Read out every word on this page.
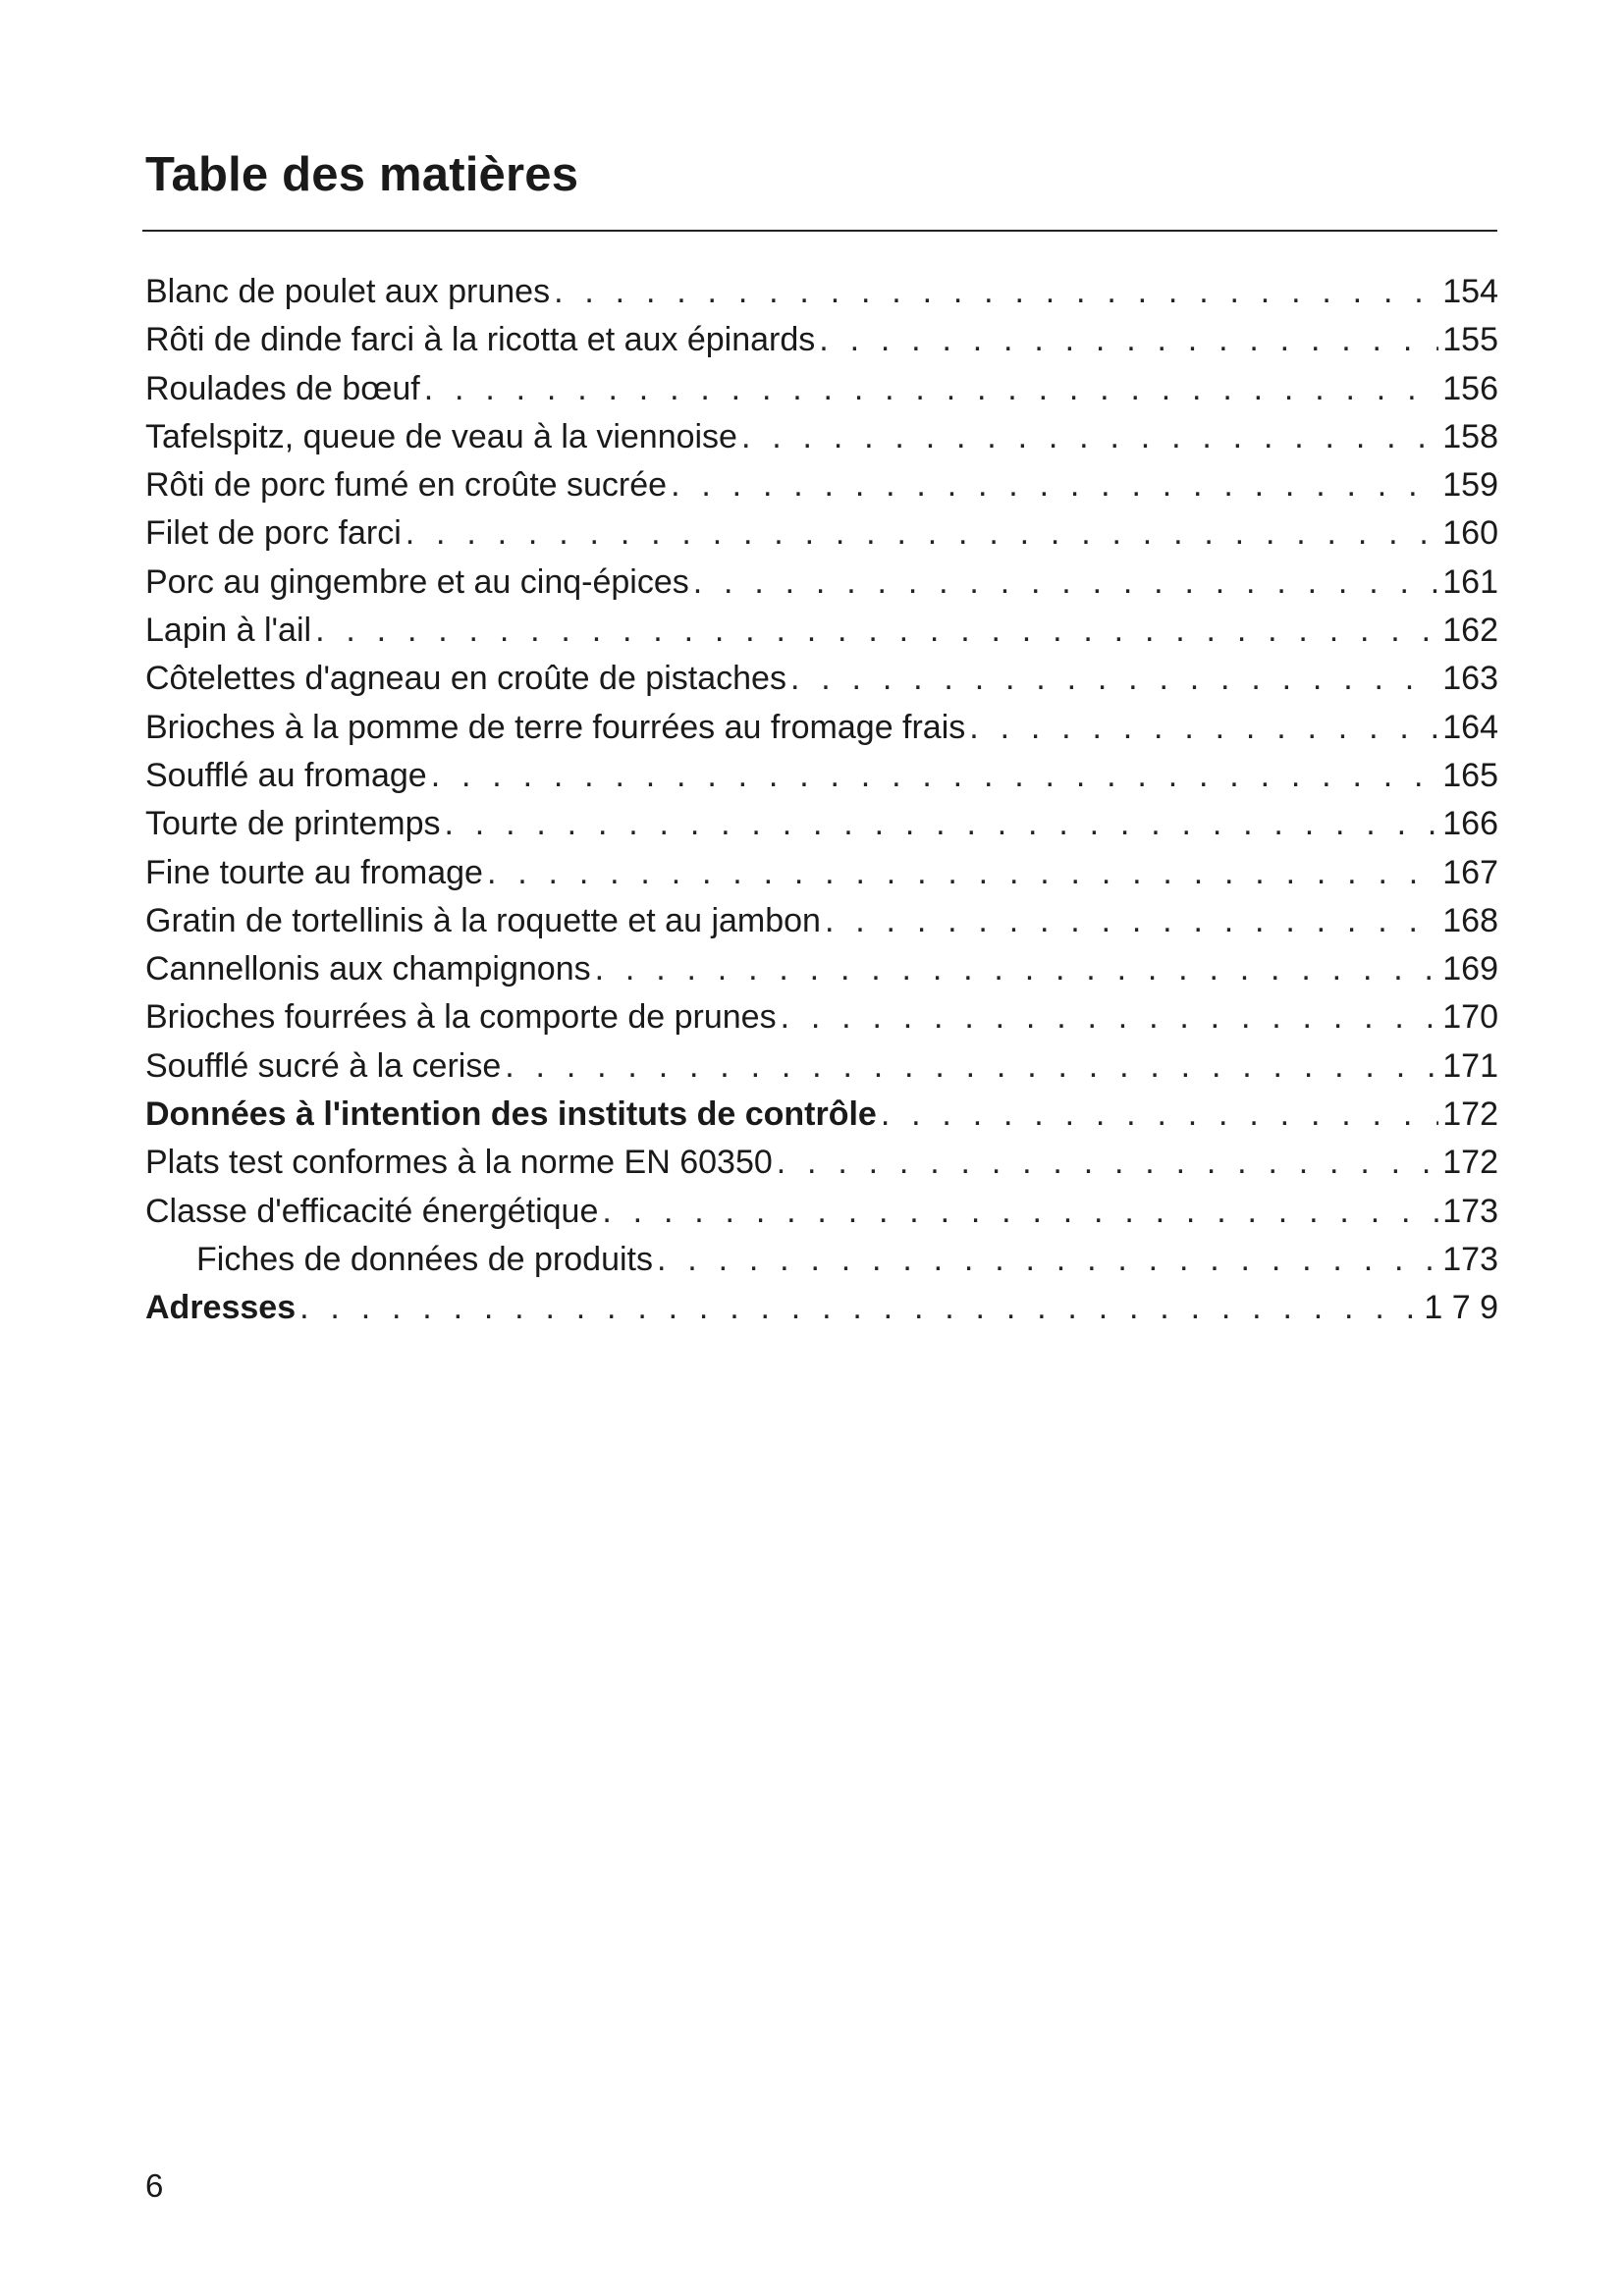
Table des matières
Blanc de poulet aux prunes . . .	154
Rôti de dinde farci à la ricotta et aux épinards . . .	155
Roulades de bœuf . . .	156
Tafelspitz, queue de veau à la viennoise . . .	158
Rôti de porc fumé en croûte sucrée . . .	159
Filet de porc farci . . .	160
Porc au gingembre et au cinq-épices . . .	161
Lapin à l'ail . . .	162
Côtelettes d'agneau en croûte de pistaches . . .	163
Brioches à la pomme de terre fourrées au fromage frais . . .	164
Soufflé au fromage . . .	165
Tourte de printemps . . .	166
Fine tourte au fromage . . .	167
Gratin de tortellinis à la roquette et au jambon . . .	168
Cannellonis aux champignons . . .	169
Brioches fourrées à la comporte de prunes . . .	170
Soufflé sucré à la cerise . . .	171
Données à l'intention des instituts de contrôle . . .	172
Plats test conformes à la norme EN 60350 . . .	172
Classe d'efficacité énergétique . . .	173
Fiches de données de produits . . .	173
Adresses . . .	1 7 9
6
